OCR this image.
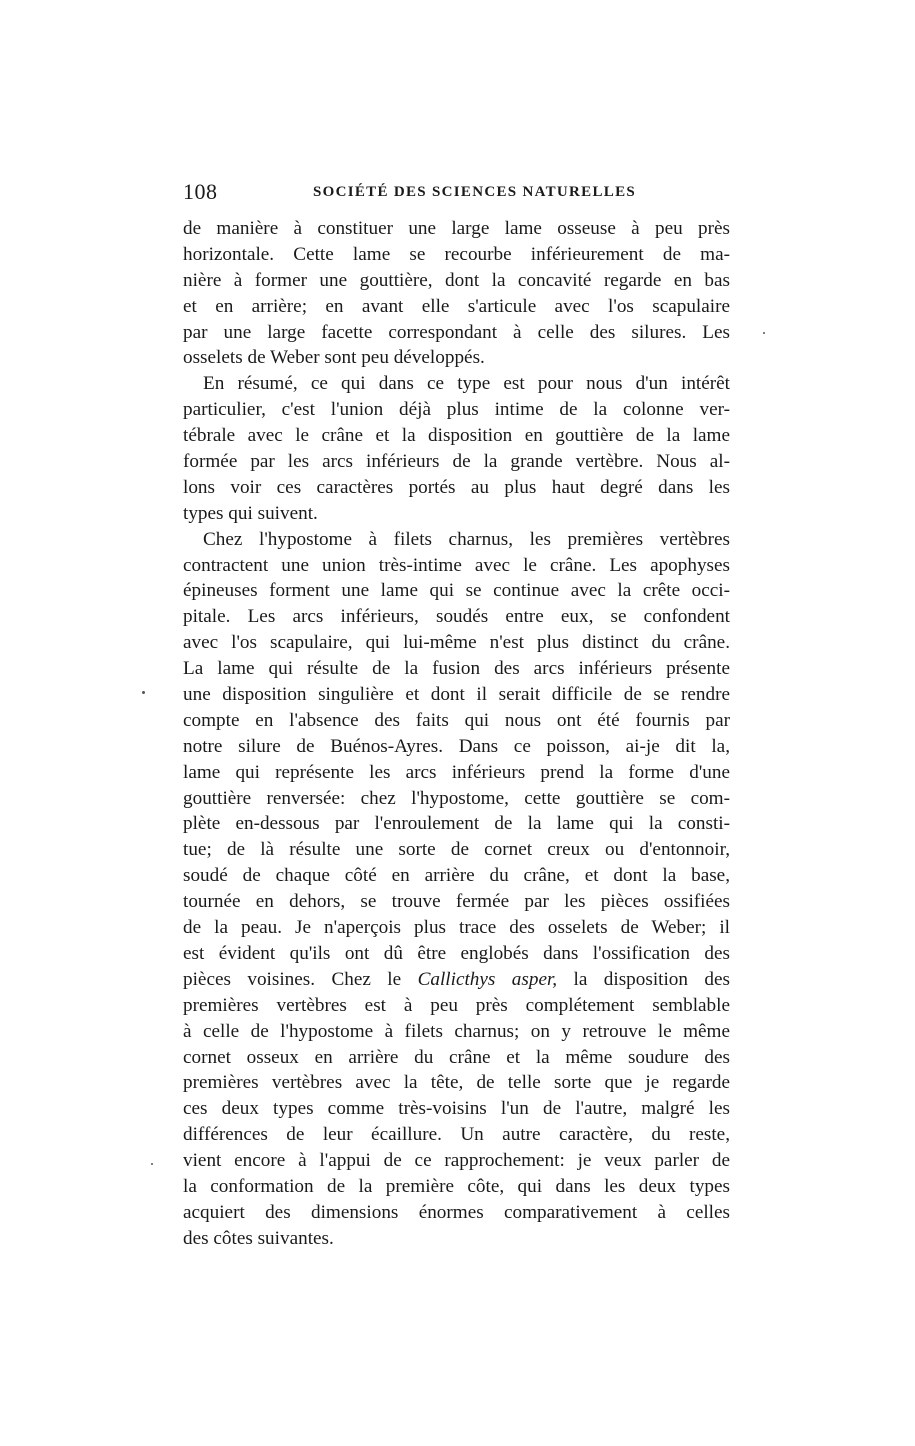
108	SOCIÉTÉ DES SCIENCES NATURELLES

de manière à constituer une large lame osseuse à peu près
horizontale. Cette lame se recourbe inférieurement de ma-
nière à former une gouttière, dont la concavité regarde en bas
et en arrière; en avant elle s'articule avec l'os scapulaire
par une large facette correspondant à celle des silures. Les
osselets de Weber sont peu développés.

En résumé, ce qui dans ce type est pour nous d'un intérêt
particulier, c'est l'union déjà plus intime de la colonne ver-
tébrale avec le crâne et la disposition en gouttière de la lame
formée par les arcs inférieurs de la grande vertèbre. Nous al-
lons voir ces caractères portés au plus haut degré dans les
types qui suivent.

Chez l'hypostome à filets charnus, les premières vertèbres
contractent une union très-intime avec le crâne. Les apophyses
épineuses forment une lame qui se continue avec la crête occi-
pitale. Les arcs inférieurs, soudés entre eux, se confondent
avec l'os scapulaire, qui lui-même n'est plus distinct du crâne.
La lame qui résulte de la fusion des arcs inférieurs présente
une disposition singulière et dont il serait difficile de se rendre
compte en l'absence des faits qui nous ont été fournis par
notre silure de Buénos-Ayres. Dans ce poisson, ai-je dit la,
lame qui représente les arcs inférieurs prend la forme d'une
gouttière renversée: chez l'hypostome, cette gouttière se com-
plète en-dessous par l'enroulement de la lame qui la consti-
tue; de là résulte une sorte de cornet creux ou d'entonnoir,
soudé de chaque côté en arrière du crâne, et dont la base,
tournée en dehors, se trouve fermée par les pièces ossifiées
de la peau. Je n'aperçois plus trace des osselets de Weber; il
est évident qu'ils ont dû être englobés dans l'ossification des
pièces voisines. Chez le Callicthys asper, la disposition des
premières vertèbres est à peu près complétement semblable
à celle de l'hypostome à filets charnus; on y retrouve le même
cornet osseux en arrière du crâne et la même soudure des
premières vertèbres avec la tête, de telle sorte que je regarde
ces deux types comme très-voisins l'un de l'autre, malgré les
différences de leur écaillure. Un autre caractère, du reste,
vient encore à l'appui de ce rapprochement: je veux parler de
la conformation de la première côte, qui dans les deux types
acquiert des dimensions énormes comparativement à celles
des côtes suivantes.
